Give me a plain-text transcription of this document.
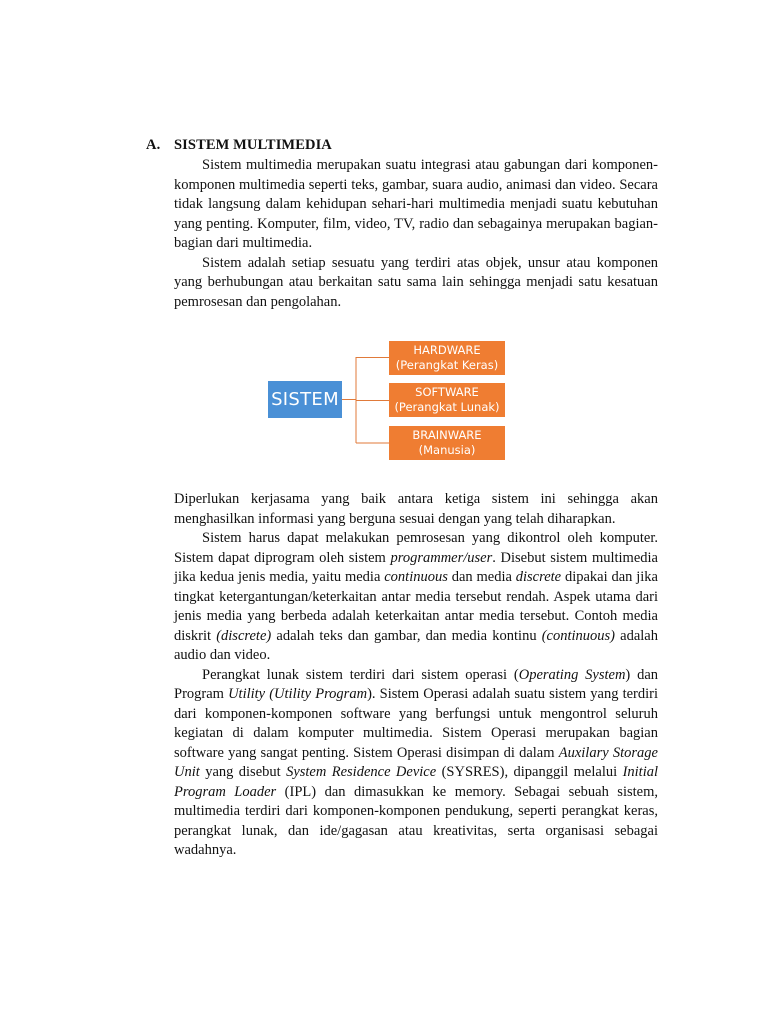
A. SISTEM MULTIMEDIA

Sistem multimedia merupakan suatu integrasi atau gabungan dari komponen-komponen multimedia seperti teks, gambar, suara audio, animasi dan video. Secara tidak langsung dalam kehidupan sehari-hari multimedia menjadi suatu kebutuhan yang penting. Komputer, film, video, TV, radio dan sebagainya merupakan bagian-bagian dari multimedia.

Sistem adalah setiap sesuatu yang terdiri atas objek, unsur atau komponen yang berhubungan atau berkaitan satu sama lain sehingga menjadi satu kesatuan pemrosesan dan pengolahan.

SISTEM
HARDWARE
(Perangkat Keras)
SOFTWARE
(Perangkat Lunak)
BRAINWARE
(Manusia)

Diperlukan kerjasama yang baik antara ketiga sistem ini sehingga akan menghasilkan informasi yang berguna sesuai dengan yang telah diharapkan.

Sistem harus dapat melakukan pemrosesan yang dikontrol oleh komputer. Sistem dapat diprogram oleh sistem programmer/user. Disebut sistem multimedia jika kedua jenis media, yaitu media continuous dan media discrete dipakai dan jika tingkat ketergantungan/keterkaitan antar media tersebut rendah. Aspek utama dari jenis media yang berbeda adalah keterkaitan antar media tersebut. Contoh media diskrit (discrete) adalah teks dan gambar, dan media kontinu (continuous) adalah audio dan video.

Perangkat lunak sistem terdiri dari sistem operasi (Operating System) dan Program Utility (Utility Program). Sistem Operasi adalah suatu sistem yang terdiri dari komponen-komponen software yang berfungsi untuk mengontrol seluruh kegiatan di dalam komputer multimedia. Sistem Operasi merupakan bagian software yang sangat penting. Sistem Operasi disimpan di dalam Auxilary Storage Unit yang disebut System Residence Device (SYSRES), dipanggil melalui Initial Program Loader (IPL) dan dimasukkan ke memory. Sebagai sebuah sistem, multimedia terdiri dari komponen-komponen pendukung, seperti perangkat keras, perangkat lunak, dan ide/gagasan atau kreativitas, serta organisasi sebagai wadahnya.
